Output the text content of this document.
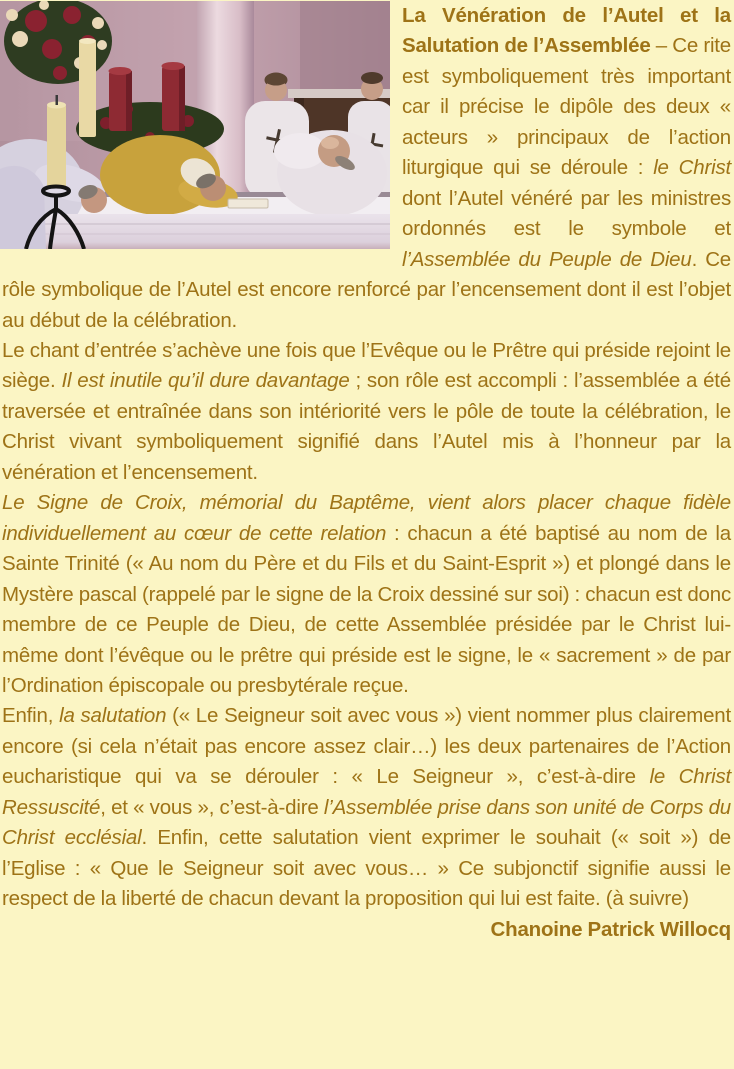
La Vénération de l’Autel et la Salutation de l’Assemblée – Ce rite est symboliquement très important car il précise le dipôle des deux « acteurs » principaux de l’action liturgique qui se déroule : le Christ dont l’Autel vénéré par les ministres ordonnés est le symbole et l’Assemblée du Peuple de Dieu. Ce rôle symbolique de l’Autel est encore renforcé par l’encensement dont il est l’objet au début de la célébration.

Le chant d’entrée s’achève une fois que l’Evêque ou le Prêtre qui préside rejoint le siège. Il est inutile qu’il dure davantage ; son rôle est accompli : l’assemblée a été traversée et entraînée dans son intériorité vers le pôle de toute la célébration, le Christ vivant symboliquement signifié dans l’Autel mis à l’honneur par la vénération et l’encensement.

Le Signe de Croix, mémorial du Baptême, vient alors placer chaque fidèle individuellement au cœur de cette relation : chacun a été baptisé au nom de la Sainte Trinité (« Au nom du Père et du Fils et du Saint-Esprit ») et plongé dans le Mystère pascal (rappelé par le signe de la Croix dessiné sur soi) : chacun est donc membre de ce Peuple de Dieu, de cette Assemblée présidée par le Christ lui-même dont l’évêque ou le prêtre qui préside est le signe, le « sacrement » de par l’Ordination épiscopale ou presbytérale reçue.

Enfin, la salutation (« Le Seigneur soit avec vous ») vient nommer plus clairement encore (si cela n’était pas encore assez clair…) les deux partenaires de l’Action eucharistique qui va se dérouler : « Le Seigneur », c’est-à-dire le Christ Ressuscité, et « vous », c’est-à-dire l’Assemblée prise dans son unité de Corps du Christ ecclésial. Enfin, cette salutation vient exprimer le souhait (« soit ») de l’Eglise : « Que le Seigneur soit avec vous… » Ce subjonctif signifie aussi le respect de la liberté de chacun devant la proposition qui lui est faite. (à suivre)

Chanoine Patrick Willocq
